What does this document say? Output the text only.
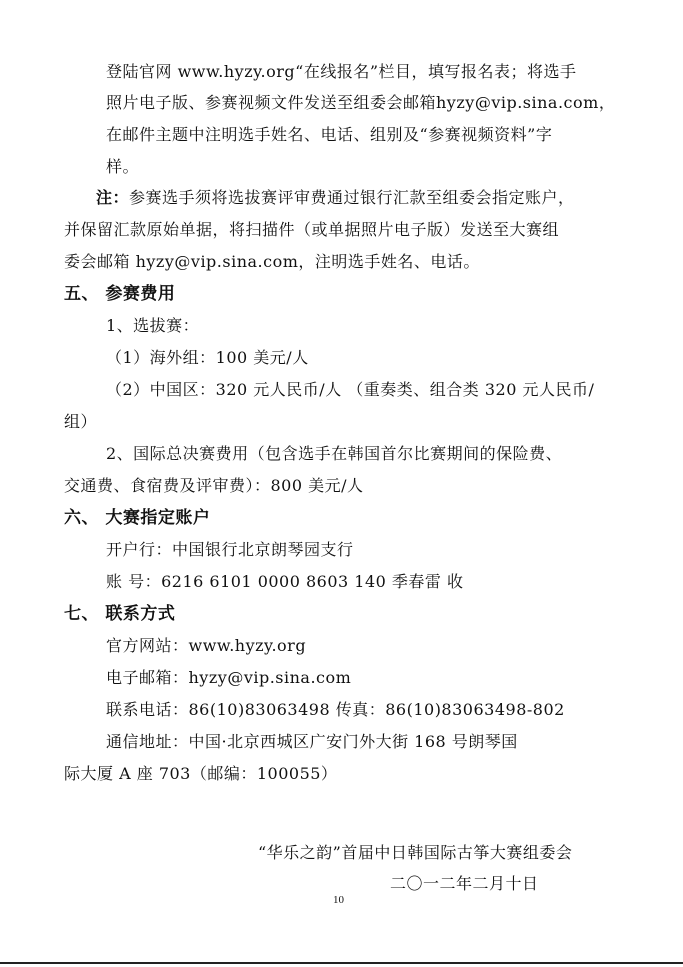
登陆官网 www.hyzy.org“在线报名”栏目，填写报名表；将选手
照片电子版、参赛视频文件发送至组委会邮箱hyzy@vip.sina.com，
在邮件主题中注明选手姓名、电话、组别及“参赛视频资料”字
样。
注：参赛选手须将选拔赛评审费通过银行汇款至组委会指定账户，
并保留汇款原始单据，将扫描件（或单据照片电子版）发送至大赛组
委会邮箱 hyzy@vip.sina.com，注明选手姓名、电话。
五、 参赛费用
1、选拔赛：
（1）海外组：100 美元/人
（2）中国区：320 元人民币/人 （重奏类、组合类 320 元人民币/
组）
2、国际总决赛费用（包含选手在韩国首尔比赛期间的保险费、
交通费、食宿费及评审费）：800 美元/人
六、 大赛指定账户
开户行：中国银行北京朗琴园支行
账 号：6216 6101 0000 8603 140 季春雷 收
七、 联系方式
官方网站：www.hyzy.org
电子邮箱：hyzy@vip.sina.com
联系电话：86(10)83063498 传真：86(10)83063498-802
通信地址：中国·北京西城区广安门外大街 168 号朗琴国
际大厦 A 座 703（邮编：100055）
“华乐之韵”首届中日韩国际古筝大赛组委会
二〇一二年二月十日
10
